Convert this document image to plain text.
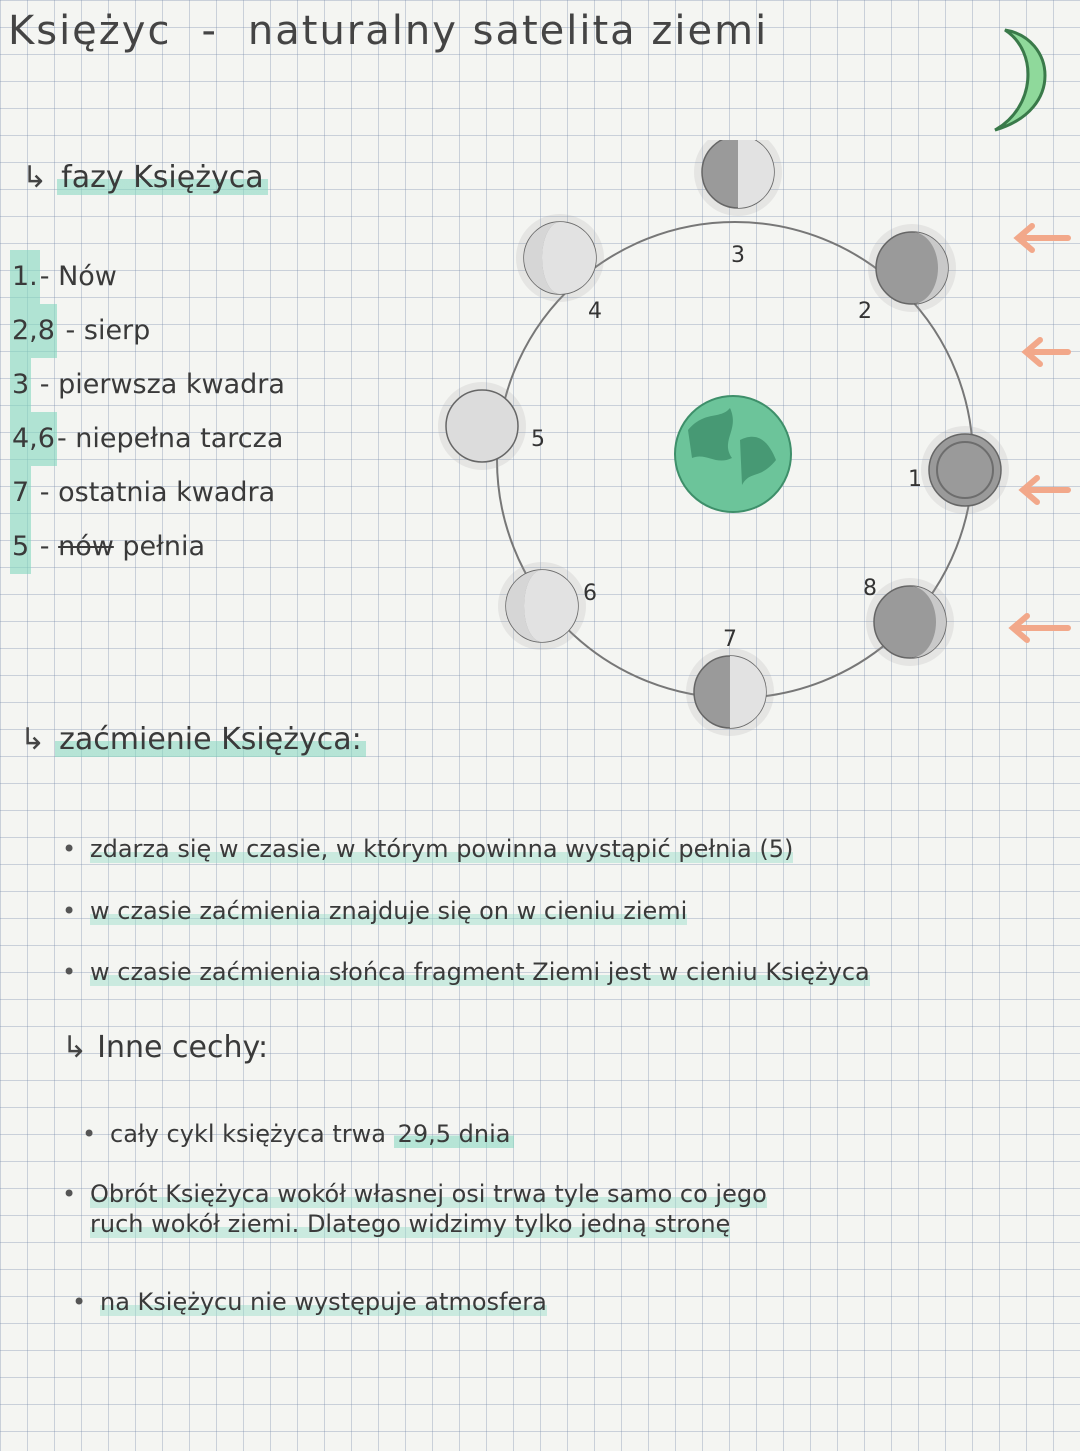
Księżyc - naturalny satelita ziemi
↳ fazy Księżyca
1.- Nów
2,8 - sierp
3 - pierwsza kwadra
4,6- niepełna tarcza
7 - ostatnia kwadra
5 - nów pełnia
1
2
3
4
5
6
7
8
↳ zaćmienie Księżyca:
• zdarza się w czasie, w którym powinna wystąpić pełnia (5)
• w czasie zaćmienia znajduje się on w cieniu ziemi
• w czasie zaćmienia słońca fragment Ziemi jest w cieniu Księżyca
↳ Inne cechy:
• cały cykl księżyca trwa 29,5 dnia
• Obrót Księżyca wokół własnej osi trwa tyle samo co jego
ruch wokół ziemi. Dlatego widzimy tylko jedną stronę
• na Księżycu nie występuje atmosfera
